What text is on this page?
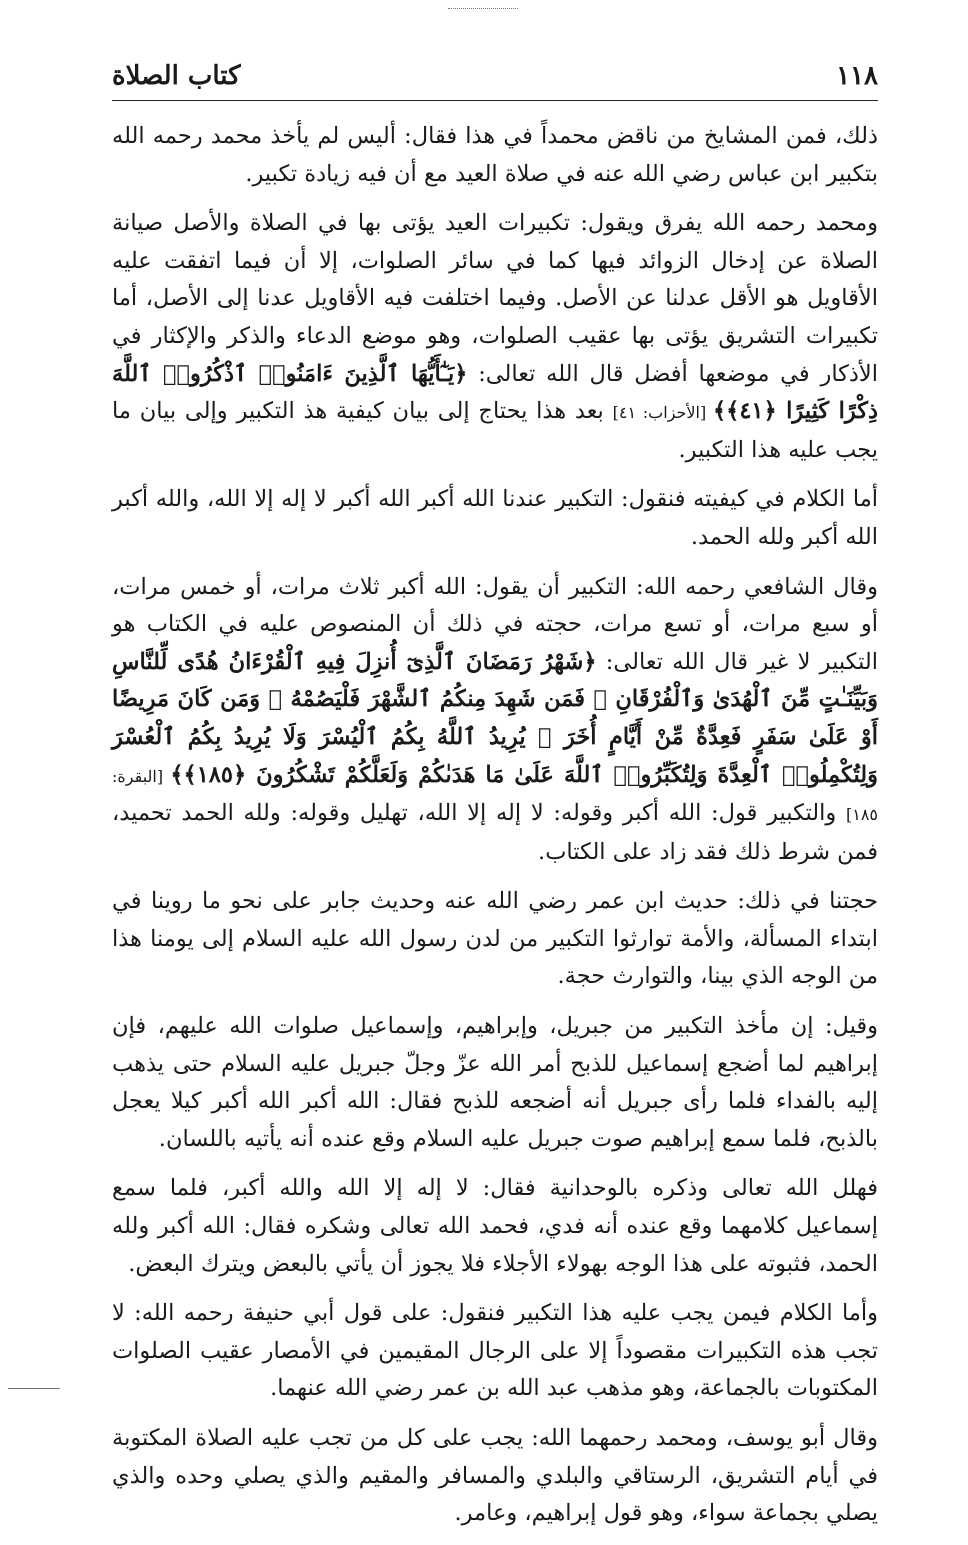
١١٨
كتاب الصلاة

ذلك، فمن المشايخ من ناقض محمداً في هذا فقال: أليس لم يأخذ محمد رحمه الله بتكبير ابن عباس رضي الله عنه في صلاة العيد مع أن فيه زيادة تكبير.

ومحمد رحمه الله يفرق ويقول: تكبيرات العيد يؤتى بها في الصلاة والأصل صيانة الصلاة عن إدخال الزوائد فيها كما في سائر الصلوات، إلا أن فيما اتفقت عليه الأقاويل هو الأقل عدلنا عن الأصل. وفيما اختلفت فيه الأقاويل عدنا إلى الأصل، أما تكبيرات التشريق يؤتى بها عقيب الصلوات، وهو موضع الدعاء والذكر والإكثار في الأذكار في موضعها أفضل قال الله تعالى: ﴿يَـٰٓأَيُّهَا ٱلَّذِينَ ءَامَنُوا۟ ٱذْكُرُوا۟ ٱللَّهَ ذِكْرًا كَثِيرًا ﴿٤١﴾﴾ [الأحزاب: ٤١] بعد هذا يحتاج إلى بيان كيفية هذ التكبير وإلى بيان ما يجب عليه هذا التكبير.

أما الكلام في كيفيته فنقول: التكبير عندنا الله أكبر الله أكبر لا إله إلا الله، والله أكبر الله أكبر ولله الحمد.

وقال الشافعي رحمه الله: التكبير أن يقول: الله أكبر ثلاث مرات، أو خمس مرات، أو سبع مرات، أو تسع مرات، حجته في ذلك أن المنصوص عليه في الكتاب هو التكبير لا غير قال الله تعالى: ﴿شَهْرُ رَمَضَانَ ٱلَّذِىٓ أُنزِلَ فِيهِ ٱلْقُرْءَانُ هُدًى لِّلنَّاسِ وَبَيِّنَـٰتٍ مِّنَ ٱلْهُدَىٰ وَٱلْفُرْقَانِ ۚ فَمَن شَهِدَ مِنكُمُ ٱلشَّهْرَ فَلْيَصُمْهُ ۖ وَمَن كَانَ مَرِيضًا أَوْ عَلَىٰ سَفَرٍ فَعِدَّةٌ مِّنْ أَيَّامٍ أُخَرَ ۗ يُرِيدُ ٱللَّهُ بِكُمُ ٱلْيُسْرَ وَلَا يُرِيدُ بِكُمُ ٱلْعُسْرَ وَلِتُكْمِلُوا۟ ٱلْعِدَّةَ وَلِتُكَبِّرُوا۟ ٱللَّهَ عَلَىٰ مَا هَدَىٰكُمْ وَلَعَلَّكُمْ تَشْكُرُونَ ﴿١٨٥﴾﴾ [البقرة: ١٨٥] والتكبير قول: الله أكبر وقوله: لا إله إلا الله، تهليل وقوله: ولله الحمد تحميد، فمن شرط ذلك فقد زاد على الكتاب.

حجتنا في ذلك: حديث ابن عمر رضي الله عنه وحديث جابر على نحو ما روينا في ابتداء المسألة، والأمة توارثوا التكبير من لدن رسول الله عليه السلام إلى يومنا هذا من الوجه الذي بينا، والتوارث حجة.

وقيل: إن مأخذ التكبير من جبريل، وإبراهيم، وإسماعيل صلوات الله عليهم، فإن إبراهيم لما أضجع إسماعيل للذبح أمر الله عزّ وجلّ جبريل عليه السلام حتى يذهب إليه بالفداء فلما رأى جبريل أنه أضجعه للذبح فقال: الله أكبر الله أكبر كيلا يعجل بالذبح، فلما سمع إبراهيم صوت جبريل عليه السلام وقع عنده أنه يأتيه باللسان.

فهلل الله تعالى وذكره بالوحدانية فقال: لا إله إلا الله والله أكبر، فلما سمع إسماعيل كلامهما وقع عنده أنه فدي، فحمد الله تعالى وشكره فقال: الله أكبر ولله الحمد، فثبوته على هذا الوجه بهولاء الأجلاء فلا يجوز أن يأتي بالبعض ويترك البعض.

وأما الكلام فيمن يجب عليه هذا التكبير فنقول: على قول أبي حنيفة رحمه الله: لا تجب هذه التكبيرات مقصوداً إلا على الرجال المقيمين في الأمصار عقيب الصلوات المكتوبات بالجماعة، وهو مذهب عبد الله بن عمر رضي الله عنهما.

وقال أبو يوسف، ومحمد رحمهما الله: يجب على كل من تجب عليه الصلاة المكتوبة في أيام التشريق، الرستاقي والبلدي والمسافر والمقيم والذي يصلي وحده والذي يصلي بجماعة سواء، وهو قول إبراهيم، وعامر.
